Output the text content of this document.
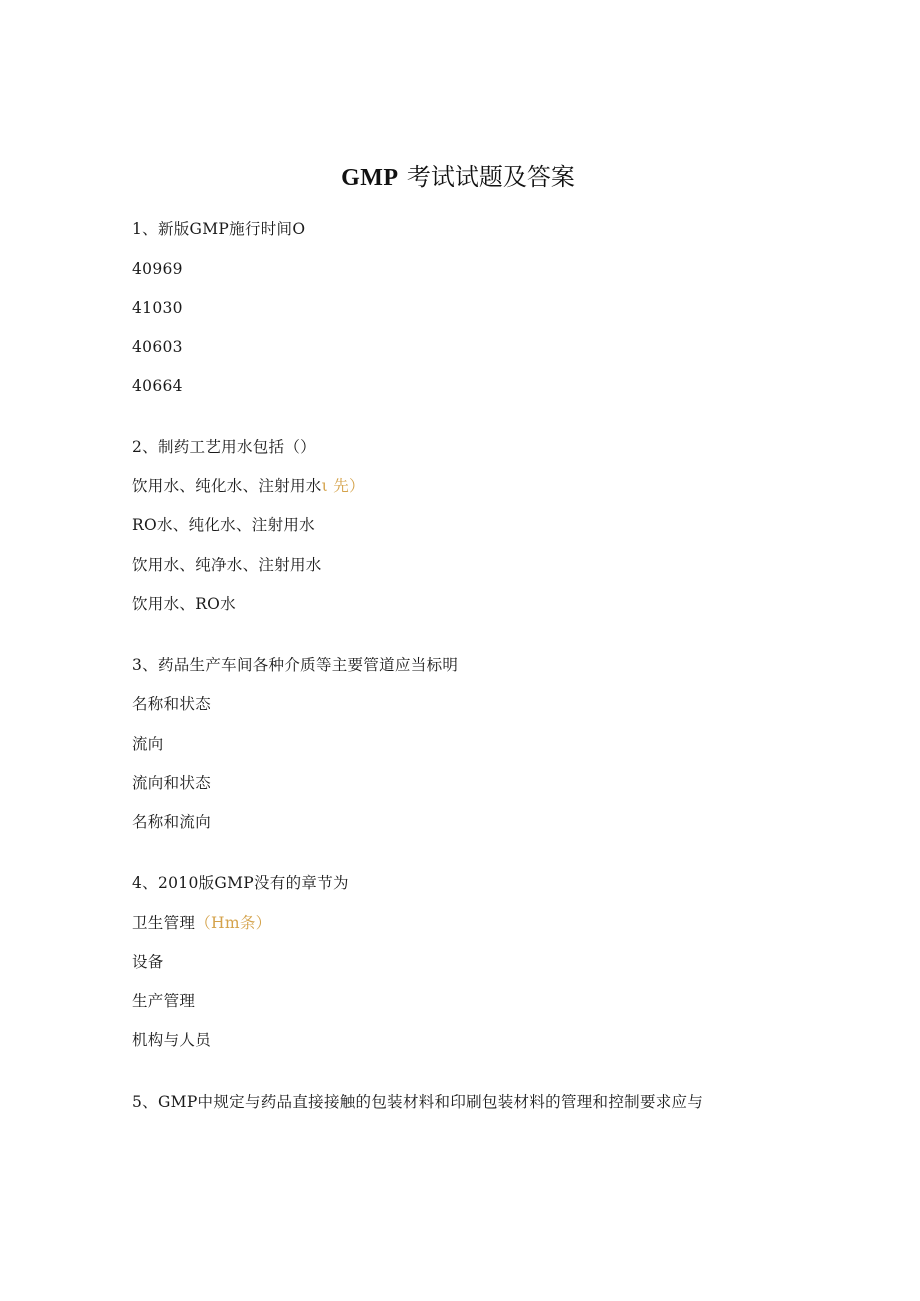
GMP 考试试题及答案
1、新版GMP施行时间O
40969
41030
40603
40664
2、制药工艺用水包括（）
饮用水、纯化水、注射用水ι 先）
RO水、纯化水、注射用水
饮用水、纯净水、注射用水
饮用水、RO水
3、药品生产车间各种介质等主要管道应当标明
名称和状态
流向
流向和状态
名称和流向
4、2010版GMP没有的章节为
卫生管理（Hm条）
设备
生产管理
机构与人员
5、GMP中规定与药品直接接触的包装材料和印刷包装材料的管理和控制要求应与
